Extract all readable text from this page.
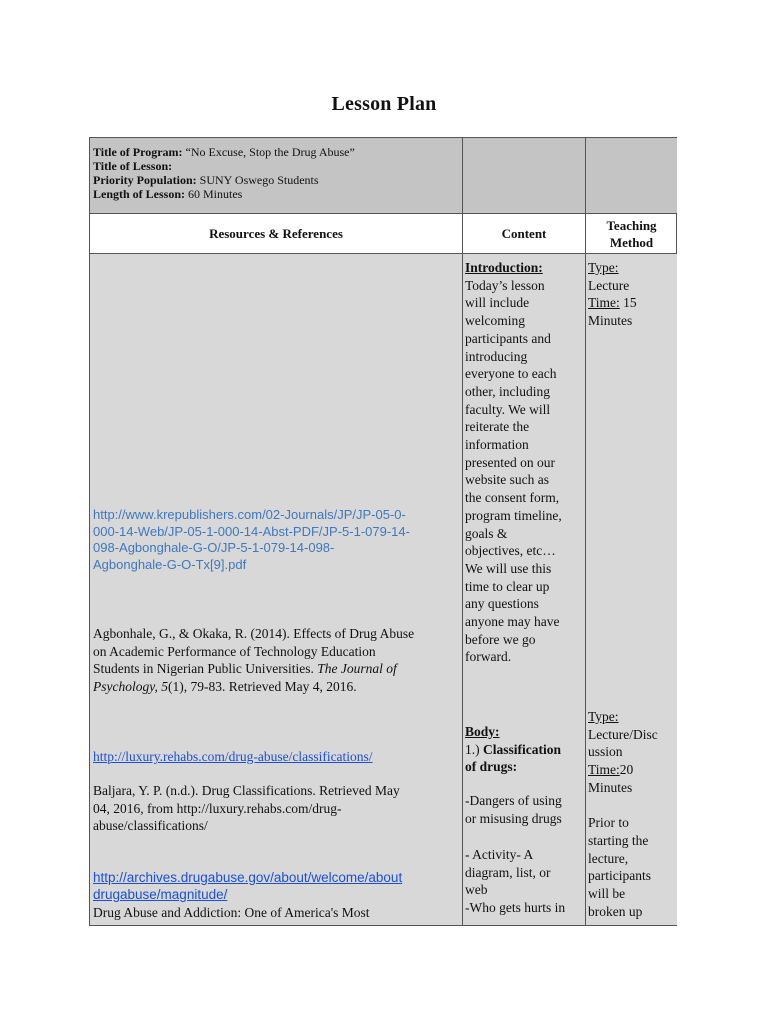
Lesson Plan
Title of Program: “No Excuse, Stop the Drug Abuse”
Title of Lesson:
Priority Population: SUNY Oswego Students
Length of Lesson: 60 Minutes
Resources & References	Content
Teaching
Method
http://www.krepublishers.com/02-Journals/JP/JP-05-0-
000-14-Web/JP-05-1-000-14-Abst-PDF/JP-5-1-079-14-
098-Agbonghale-G-O/JP-5-1-079-14-098-
Agbonghale-G-O-Tx[9].pdf
Agbonhale, G., & Okaka, R. (2014). Effects of Drug Abuse
on Academic Performance of Technology Education
Students in Nigerian Public Universities. The Journal of
Psychology, 5(1), 79-83. Retrieved May 4, 2016.
http://luxury.rehabs.com/drug-abuse/classifications/
Baljara, Y. P. (n.d.). Drug Classifications. Retrieved May
04, 2016, from http://luxury.rehabs.com/drug-
abuse/classifications/
http://archives.drugabuse.gov/about/welcome/about
drugabuse/magnitude/
Drug Abuse and Addiction: One of America's Most
Introduction:
Today’s lesson
will include
welcoming
participants and
introducing
everyone to each
other, including
faculty. We will
reiterate the
information
presented on our
website such as
the consent form,
program timeline,
goals &
objectives, etc…
We will use this
time to clear up
any questions
anyone may have
before we go
forward.
Body:
1.) Classification
of drugs:
-Dangers of using
or misusing drugs
- Activity- A
diagram, list, or
web
-Who gets hurts in
Type:
Lecture
Time: 15
Minutes
Type:
Lecture/Disc
ussion
Time:20
Minutes
Prior to
starting the
lecture,
participants
will be
broken up
